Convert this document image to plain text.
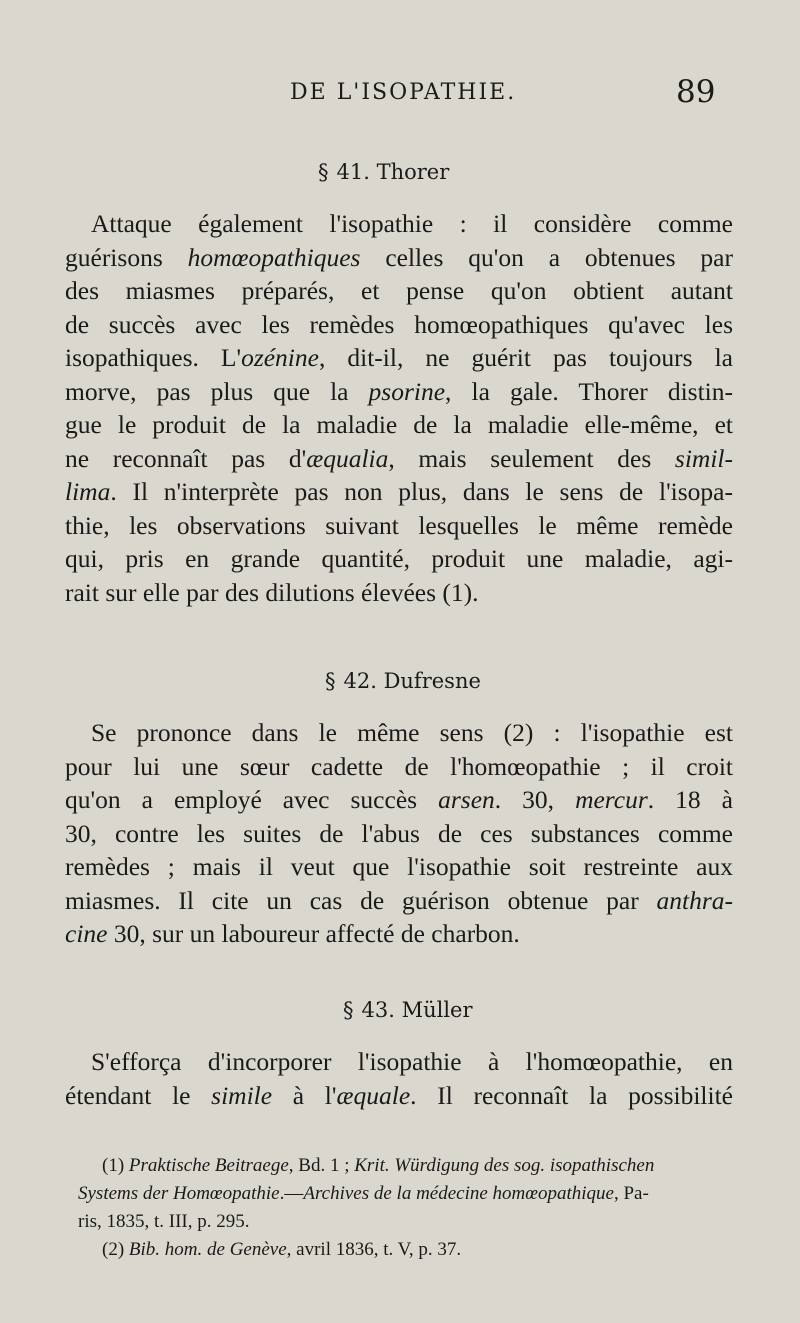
DE L'ISOPATHIE.	89
§ 41. Thorer
Attaque également l'isopathie : il considère comme
guérisons homœopathiques celles qu'on a obtenues par
des miasmes préparés, et pense qu'on obtient autant
de succès avec les remèdes homœopathiques qu'avec les
isopathiques. L'ozénine, dit-il, ne guérit pas toujours la
morve, pas plus que la psorine, la gale. Thorer distin-
gue le produit de la maladie de la maladie elle-même, et
ne reconnaît pas d'æqualia, mais seulement des simil-
lima. Il n'interprète pas non plus, dans le sens de l'isopa-
thie, les observations suivant lesquelles le même remède
qui, pris en grande quantité, produit une maladie, agi-
rait sur elle par des dilutions élevées (1).
§ 42. Dufresne
Se prononce dans le même sens (2) : l'isopathie est
pour lui une sœur cadette de l'homœopathie ; il croit
qu'on a employé avec succès arsen. 30, mercur. 18 à
30, contre les suites de l'abus de ces substances comme
remèdes ; mais il veut que l'isopathie soit restreinte aux
miasmes. Il cite un cas de guérison obtenue par anthra-
cine 30, sur un laboureur affecté de charbon.
§ 43. Müller
S'efforça d'incorporer l'isopathie à l'homœopathie, en
étendant le simile à l'æquale. Il reconnaît la possibilité
(1) Praktische Beitraege, Bd. 1 ; Krit. Würdigung des sog. isopathischen
Systems der Homœopathie.—Archives de la médecine homœopathique, Pa-
ris, 1835, t. III, p. 295.
(2) Bib. hom. de Genève, avril 1836, t. V, p. 37.
